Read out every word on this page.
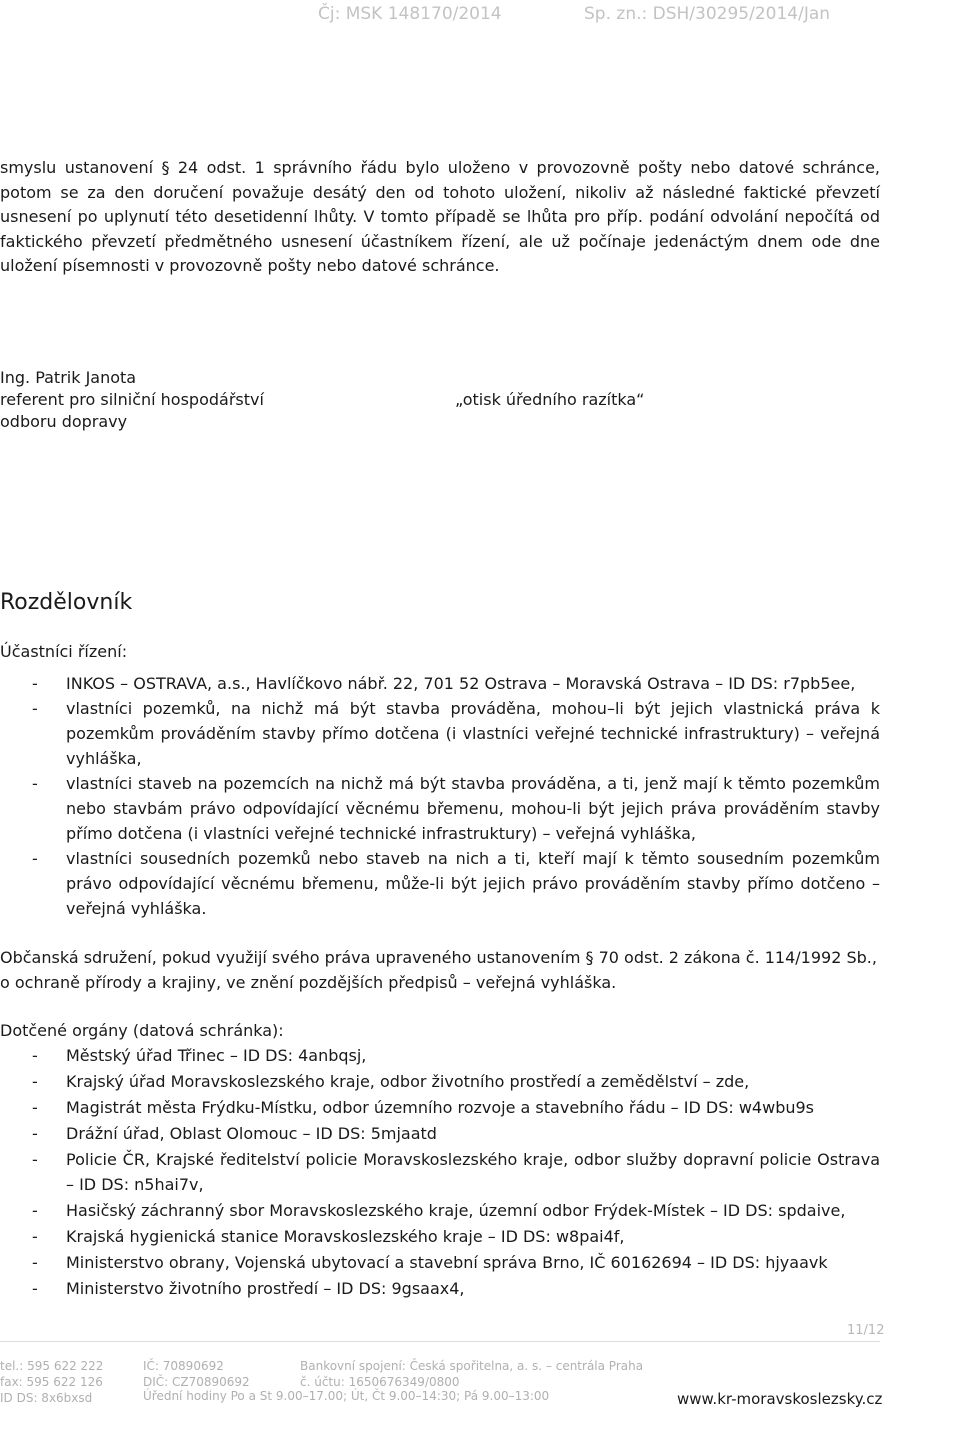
Čj: MSK 148170/2014	Sp. zn.: DSH/30295/2014/Jan

smyslu ustanovení § 24 odst. 1 správního řádu bylo uloženo v provozovně pošty nebo datové schránce, potom se za den doručení považuje desátý den od tohoto uložení, nikoliv až následné faktické převzetí usnesení po uplynutí této desetidenní lhůty. V tomto případě se lhůta pro příp. podání odvolání nepočítá od faktického převzetí předmětného usnesení účastníkem řízení, ale už počínaje jedenáctým dnem ode dne uložení písemnosti v provozovně pošty nebo datové schránce.

Ing. Patrik Janota
referent pro silniční hospodářství
odboru dopravy
„otisk úředního razítka“
Rozdělovník
Účastníci řízení:
- INKOS – OSTRAVA, a.s., Havlíčkovo nábř. 22, 701 52 Ostrava – Moravská Ostrava – ID DS: r7pb5ee,
- vlastníci pozemků, na nichž má být stavba prováděna, mohou–li být jejich vlastnická práva k pozemkům prováděním stavby přímo dotčena (i vlastníci veřejné technické infrastruktury) – veřejná vyhláška,
- vlastníci staveb na pozemcích na nichž má být stavba prováděna, a ti, jenž mají k těmto pozemkům nebo stavbám právo odpovídající věcnému břemenu, mohou-li být jejich práva prováděním stavby přímo dotčena (i vlastníci veřejné technické infrastruktury) – veřejná vyhláška,
- vlastníci sousedních pozemků nebo staveb na nich a ti, kteří mají k těmto sousedním pozemkům právo odpovídající věcnému břemenu, může-li být jejich právo prováděním stavby přímo dotčeno – veřejná vyhláška.

Občanská sdružení, pokud využijí svého práva upraveného ustanovením § 70 odst. 2 zákona č. 114/1992 Sb., o ochraně přírody a krajiny, ve znění pozdějších předpisů – veřejná vyhláška.

Dotčené orgány (datová schránka):
- Městský úřad Třinec – ID DS: 4anbqsj,
- Krajský úřad Moravskoslezského kraje, odbor životního prostředí a zemědělství – zde,
- Magistrát města Frýdku-Místku, odbor územního rozvoje a stavebního řádu – ID DS: w4wbu9s
- Drážní úřad, Oblast Olomouc – ID DS: 5mjaatd
- Policie ČR, Krajské ředitelství policie Moravskoslezského kraje, odbor služby dopravní policie Ostrava – ID DS: n5hai7v,
- Hasičský záchranný sbor Moravskoslezského kraje, územní odbor Frýdek-Místek – ID DS: spdaive,
- Krajská hygienická stanice Moravskoslezského kraje – ID DS: w8pai4f,
- Ministerstvo obrany, Vojenská ubytovací a stavební správa Brno, IČ 60162694 – ID DS: hjyaavk
- Ministerstvo životního prostředí – ID DS: 9gsaax4,
11/12
tel.: 595 622 222
fax: 595 622 126
ID DS: 8x6bxsd
IČ: 70890692
DIČ: CZ70890692
Bankovní spojení: Česká spořitelna, a. s. – centrála Praha
č. účtu: 1650676349/0800
Úřední hodiny Po a St 9.00–17.00; Út, Čt 9.00–14:30; Pá 9.00–13:00	www.kr-moravskoslezsky.cz
